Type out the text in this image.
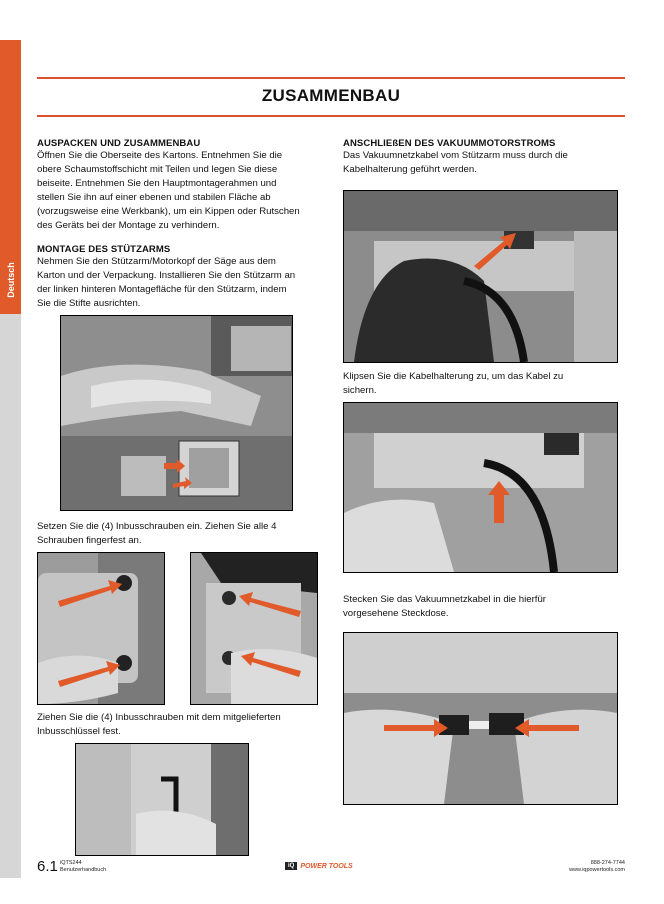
Deutsch
ZUSAMMENBAU
AUSPACKEN UND ZUSAMMENBAU
Öffnen Sie die Oberseite des Kartons. Entnehmen Sie die
obere Schaumstoffschicht mit Teilen und legen Sie diese
beiseite. Entnehmen Sie den Hauptmontagerahmen und
stellen Sie ihn auf einer ebenen und stabilen Fläche ab
(vorzugsweise eine Werkbank), um ein Kippen oder Rutschen
des Geräts bei der Montage zu verhindern.
MONTAGE DES STÜTZARMS
Nehmen Sie den Stützarm/Motorkopf der Säge aus dem
Karton und der Verpackung. Installieren Sie den Stützarm an
der linken hinteren Montagefläche für den Stützarm, indem
Sie die Stifte ausrichten.
Setzen Sie die (4) Inbusschrauben ein. Ziehen Sie alle 4
Schrauben fingerfest an.
Ziehen Sie die (4) Inbusschrauben mit dem mitgelieferten
Inbusschlüssel fest.
ANSCHLIEßEN DES VAKUUMMOTORSTROMS
Das Vakuumnetzkabel vom Stützarm muss durch die
Kabelhalterung geführt werden.
Klipsen Sie die Kabelhalterung zu, um das Kabel zu
sichern.
Stecken Sie das Vakuumnetzkabel in die hierfür
vorgesehene Steckdose.
6.1 iQTS244
Benutzerhandbuch
iQ POWER TOOLS	888-274-7744
www.iqpowertools.com
